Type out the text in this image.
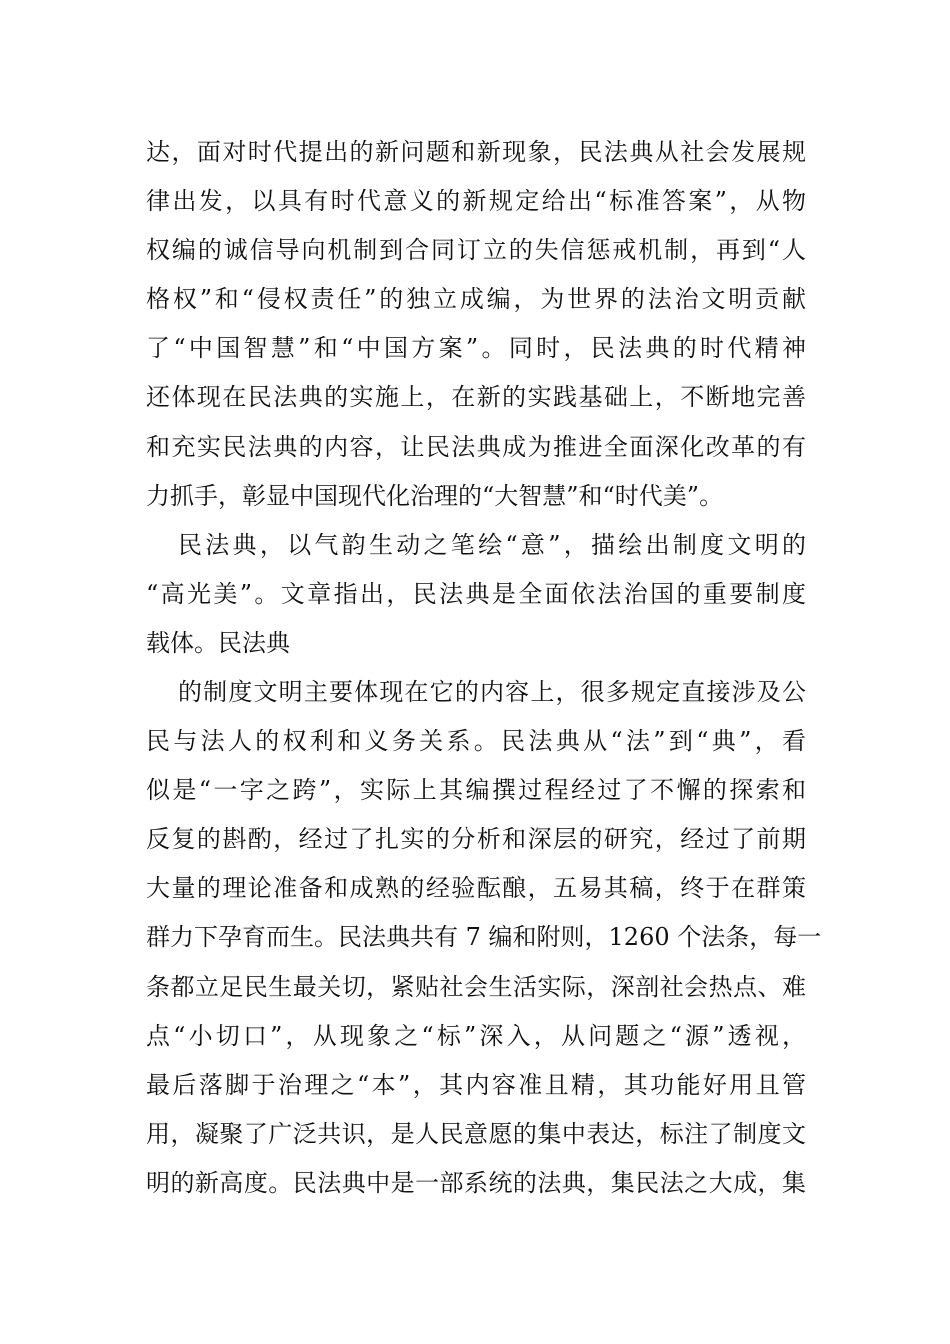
达，面对时代提出的新问题和新现象，民法典从社会发展规
律出发，以具有时代意义的新规定给出“标准答案”，从物
权编的诚信导向机制到合同订立的失信惩戒机制，再到“人
格权”和“侵权责任”的独立成编，为世界的法治文明贡献
了“中国智慧”和“中国方案”。同时，民法典的时代精神
还体现在民法典的实施上，在新的实践基础上，不断地完善
和充实民法典的内容，让民法典成为推进全面深化改革的有
力抓手，彰显中国现代化治理的“大智慧”和“时代美”。
民法典，以气韵生动之笔绘“意”，描绘出制度文明的
“高光美”。文章指出，民法典是全面依法治国的重要制度
载体。民法典
的制度文明主要体现在它的内容上，很多规定直接涉及公
民与法人的权利和义务关系。民法典从“法”到“典”，看
似是“一字之跨”，实际上其编撰过程经过了不懈的探索和
反复的斟酌，经过了扎实的分析和深层的研究，经过了前期
大量的理论准备和成熟的经验酝酿，五易其稿，终于在群策
群力下孕育而生。民法典共有 7 编和附则，1260 个法条，每一
条都立足民生最关切，紧贴社会生活实际，深剖社会热点、难
点“小切口”，从现象之“标”深入，从问题之“源”透视，
最后落脚于治理之“本”，其内容准且精，其功能好用且管
用，凝聚了广泛共识，是人民意愿的集中表达，标注了制度文
明的新高度。民法典中是一部系统的法典，集民法之大成，集
